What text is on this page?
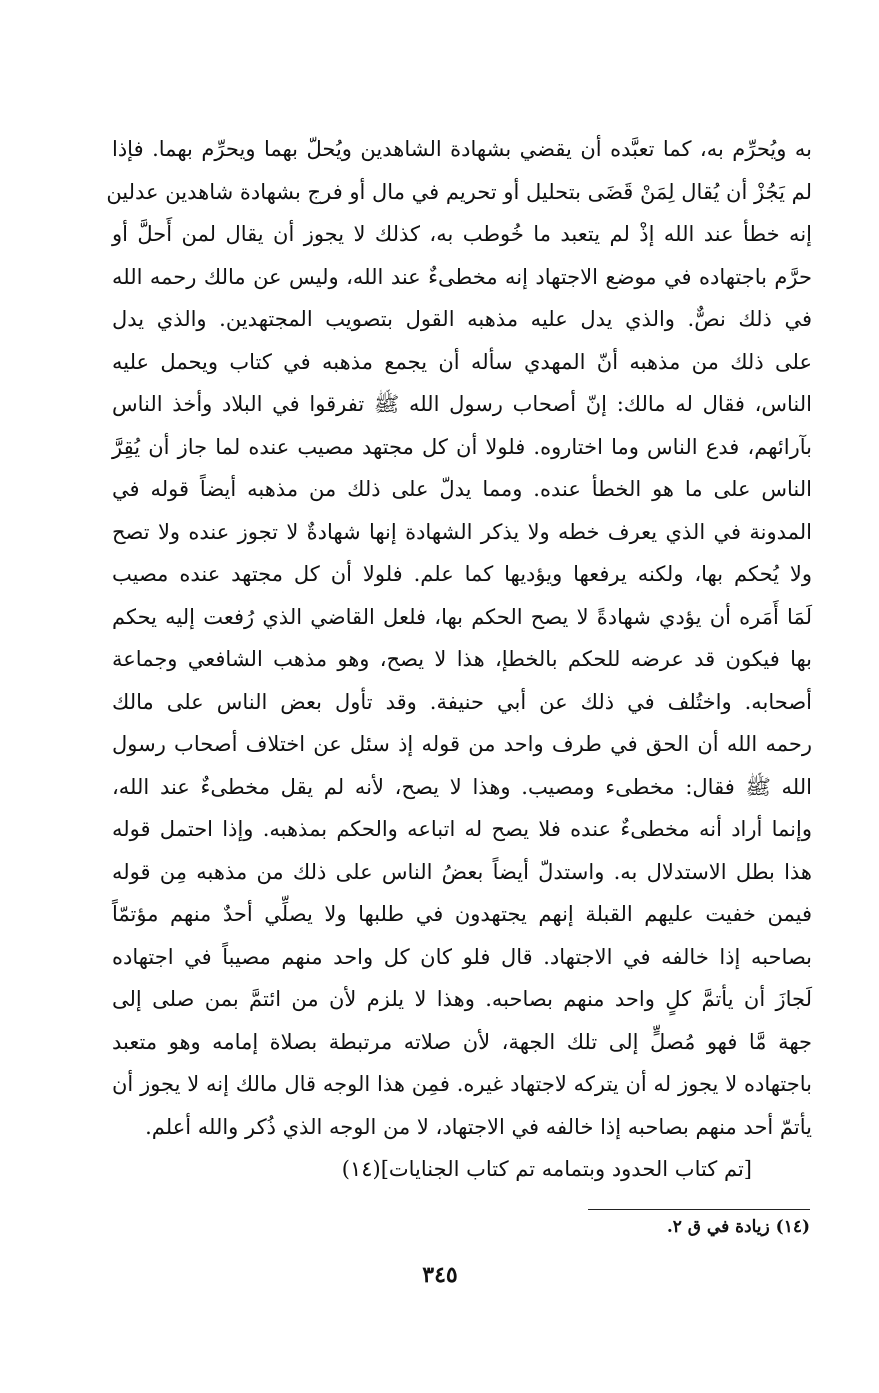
به ويُحرِّم به، كما تعبَّده أن يقضي بشهادة الشاهدين ويُحلّ بهما ويحرِّم بهما. فإذا
لم يَجُزْ أن يُقال لِمَنْ قَضَى بتحليل أو تحريم في مال أو فرج بشهادة شاهدين عدلين
إنه خطأ عند الله إذْ لم يتعبد ما خُوطب به، كذلك لا يجوز أن يقال لمن أَحلَّ أو
حرَّم باجتهاده في موضع الاجتهاد إنه مخطىءٌ عند الله، وليس عن مالك رحمه الله
في ذلك نصٌّ. والذي يدل عليه مذهبه القول بتصويب المجتهدين. والذي يدل
على ذلك من مذهبه أنّ المهدي سأله أن يجمع مذهبه في كتاب ويحمل عليه
الناس، فقال له مالك: إنّ أصحاب رسول الله ﷺ تفرقوا في البلاد وأخذ الناس
بآرائهم، فدع الناس وما اختاروه. فلولا أن كل مجتهد مصيب عنده لما جاز أن يُقِرَّ
الناس على ما هو الخطأ عنده. ومما يدلّ على ذلك من مذهبه أيضاً قوله في
المدونة في الذي يعرف خطه ولا يذكر الشهادة إنها شهادةٌ لا تجوز عنده ولا تصح
ولا يُحكم بها، ولكنه يرفعها ويؤديها كما علم. فلولا أن كل مجتهد عنده مصيب
لَمَا أَمَره أن يؤدي شهادةً لا يصح الحكم بها، فلعل القاضي الذي رُفعت إليه يحكم
بها فيكون قد عرضه للحكم بالخطإ، هذا لا يصح، وهو مذهب الشافعي وجماعة
أصحابه. واختُلف في ذلك عن أبي حنيفة. وقد تأول بعض الناس على مالك
رحمه الله أن الحق في طرف واحد من قوله إذ سئل عن اختلاف أصحاب رسول
الله ﷺ فقال: مخطىء ومصيب. وهذا لا يصح، لأنه لم يقل مخطىءٌ عند الله،
وإنما أراد أنه مخطىءٌ عنده فلا يصح له اتباعه والحكم بمذهبه. وإذا احتمل قوله
هذا بطل الاستدلال به. واستدلّ أيضاً بعضُ الناس على ذلك من مذهبه مِن قوله
فيمن خفيت عليهم القبلة إنهم يجتهدون في طلبها ولا يصلِّي أحدٌ منهم مؤتمّاً
بصاحبه إذا خالفه في الاجتهاد. قال فلو كان كل واحد منهم مصيباً في اجتهاده
لَجازَ أن يأتمَّ كلٍ واحد منهم بصاحبه. وهذا لا يلزم لأن من ائتمَّ بمن صلى إلى
جهة مَّا فهو مُصلٍّ إلى تلك الجهة، لأن صلاته مرتبطة بصلاة إمامه وهو متعبد
باجتهاده لا يجوز له أن يتركه لاجتهاد غيره. فمِن هذا الوجه قال مالك إنه لا يجوز أن
يأتمّ أحد منهم بصاحبه إذا خالفه في الاجتهاد، لا من الوجه الذي ذُكر والله أعلم.
[تم كتاب الحدود وبتمامه تم كتاب الجنايات](١٤)
(١٤) زيادة في ق ٢.
٣٤٥
